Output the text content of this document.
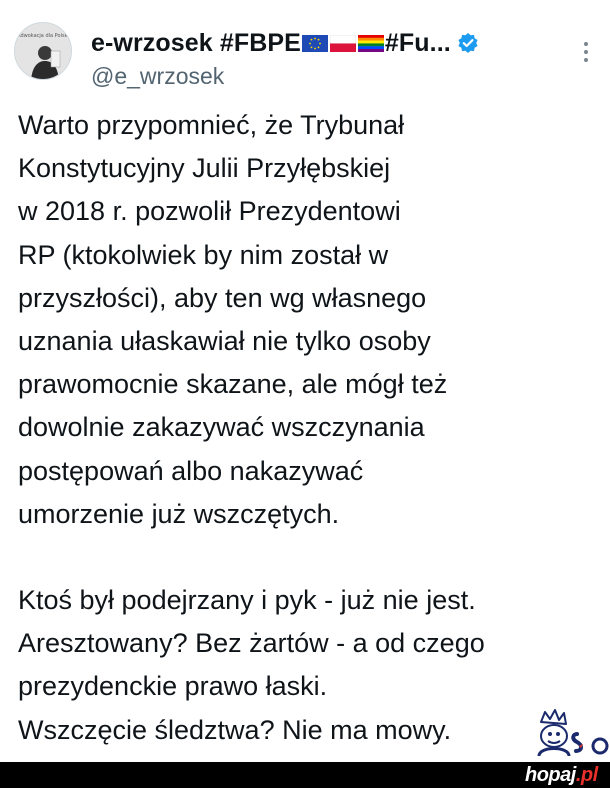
Adwokacja dla Polski e-wrzosek #FBPE	#Fu...
@e_wrzosek
Warto przypomnieć, że Trybunał
Konstytucyjny Julii Przyłębskiej
w 2018 r. pozwolił Prezydentowi
RP (ktokolwiek by nim został w
przyszłości), aby ten wg własnego
uznania ułaskawiał nie tylko osoby
prawomocnie skazane, ale mógł też
dowolnie zakazywać wszczynania
postępowań albo nakazywać
umorzenie już wszczętych.
Ktoś był podejrzany i pyk - już nie jest.
Aresztowany? Bez żartów - a od czego
prezydenckie prawo łaski.
Wszczęcie śledztwa? Nie ma mowy.
hopaj.pl
